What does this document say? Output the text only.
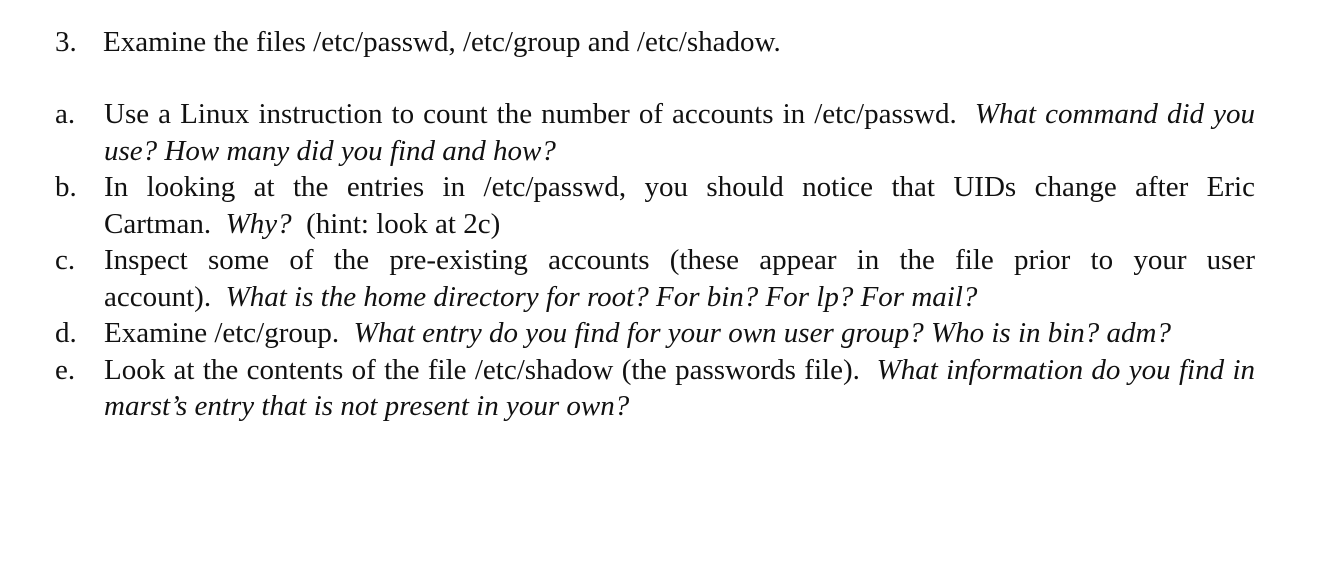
3. Examine the files /etc/passwd, /etc/group and /etc/shadow.
a. Use a Linux instruction to count the number of accounts in /etc/passwd. What command did you use? How many did you find and how?
b. In looking at the entries in /etc/passwd, you should notice that UIDs change after Eric Cartman. Why? (hint: look at 2c)
c. Inspect some of the pre-existing accounts (these appear in the file prior to your user account). What is the home directory for root? For bin? For lp? For mail?
d. Examine /etc/group. What entry do you find for your own user group? Who is in bin? adm?
e. Look at the contents of the file /etc/shadow (the passwords file). What information do you find in marst’s entry that is not present in your own?
